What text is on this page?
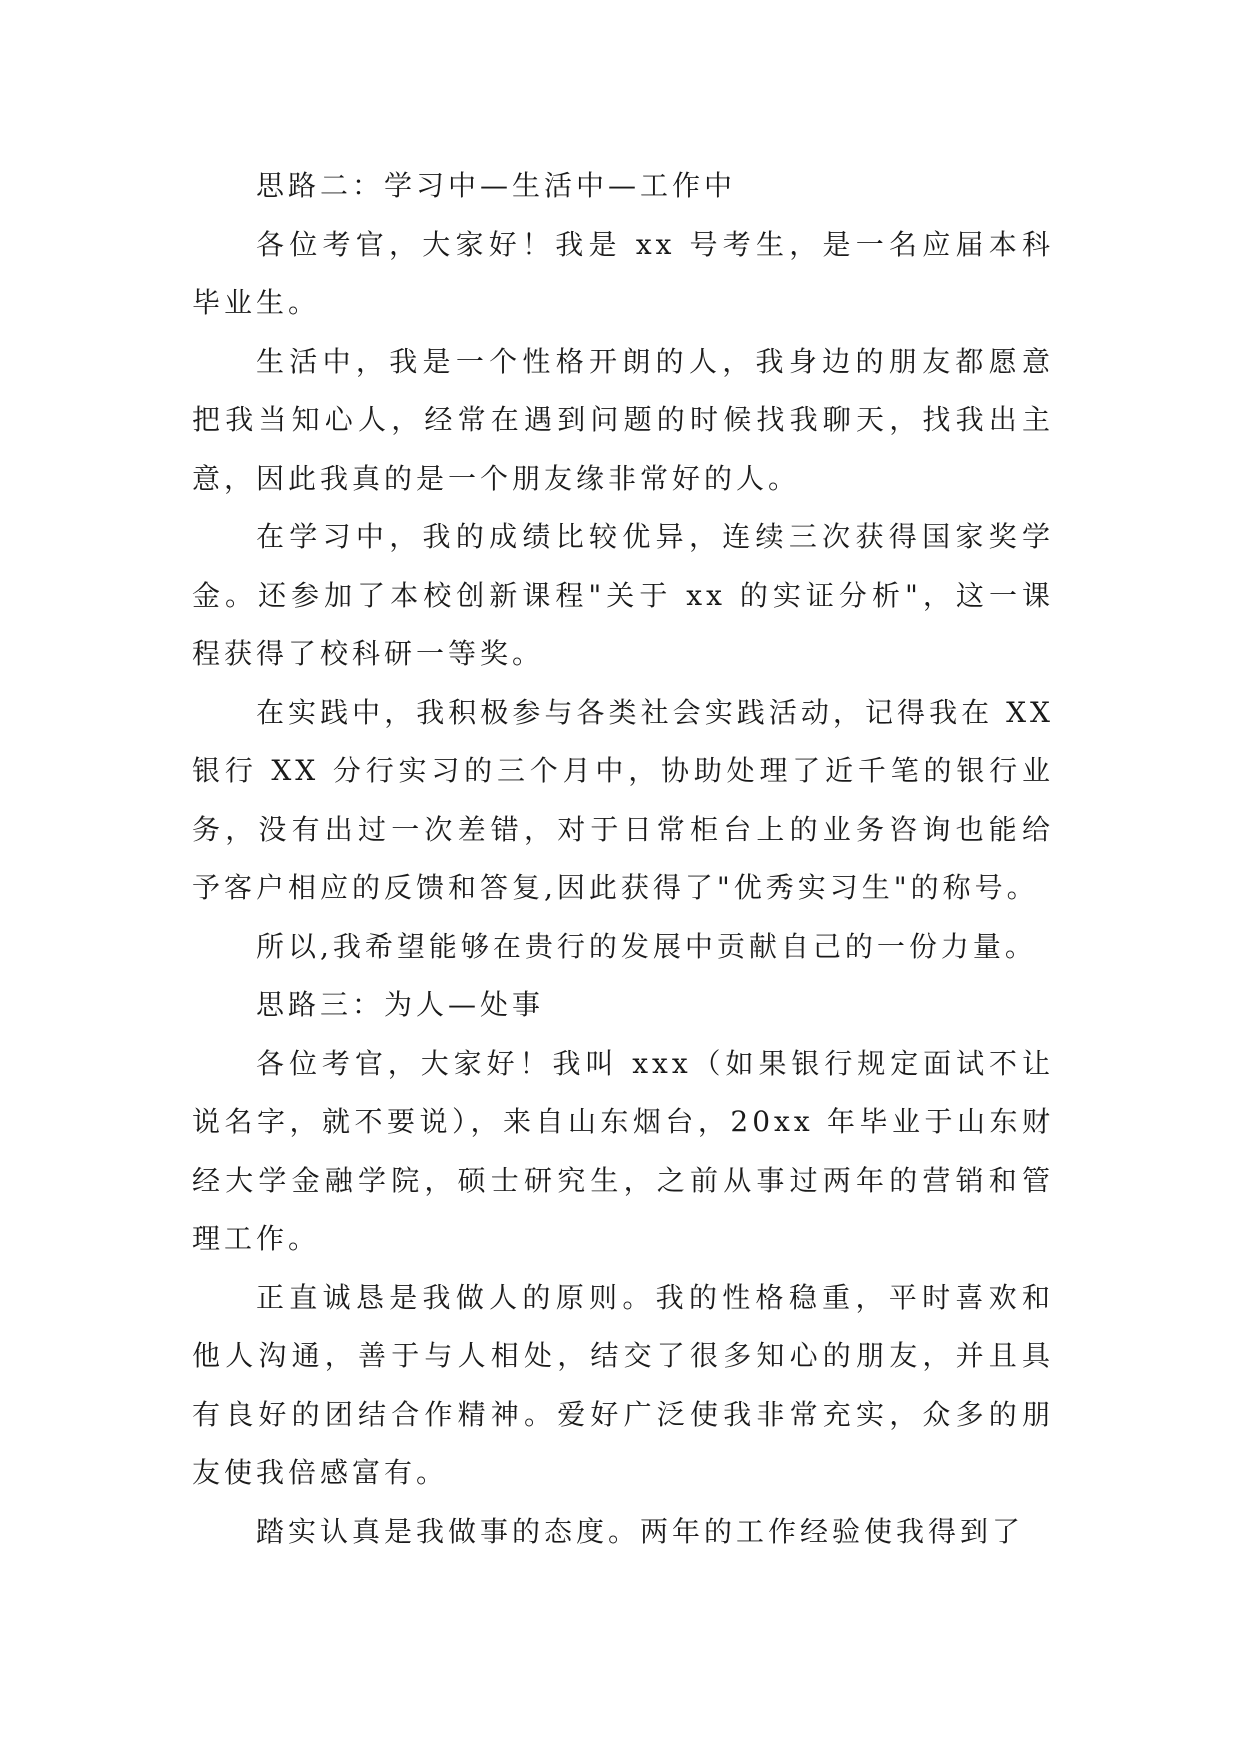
思路二：学习中—生活中—工作中

各位考官，大家好！我是 xx 号考生，是一名应届本科毕业生。

生活中，我是一个性格开朗的人，我身边的朋友都愿意把我当知心人，经常在遇到问题的时候找我聊天，找我出主意，因此我真的是一个朋友缘非常好的人。

在学习中，我的成绩比较优异，连续三次获得国家奖学金。还参加了本校创新课程"关于 xx 的实证分析"，这一课程获得了校科研一等奖。

在实践中，我积极参与各类社会实践活动，记得我在 XX 银行 XX 分行实习的三个月中，协助处理了近千笔的银行业务，没有出过一次差错，对于日常柜台上的业务咨询也能给予客户相应的反馈和答复,因此获得了"优秀实习生"的称号。

所以,我希望能够在贵行的发展中贡献自己的一份力量。

思路三：为人—处事

各位考官，大家好！我叫 xxx（如果银行规定面试不让说名字，就不要说），来自山东烟台，20xx 年毕业于山东财经大学金融学院，硕士研究生，之前从事过两年的营销和管理工作。

正直诚恳是我做人的原则。我的性格稳重，平时喜欢和他人沟通，善于与人相处，结交了很多知心的朋友，并且具有良好的团结合作精神。爱好广泛使我非常充实，众多的朋友使我倍感富有。

踏实认真是我做事的态度。两年的工作经验使我得到了
